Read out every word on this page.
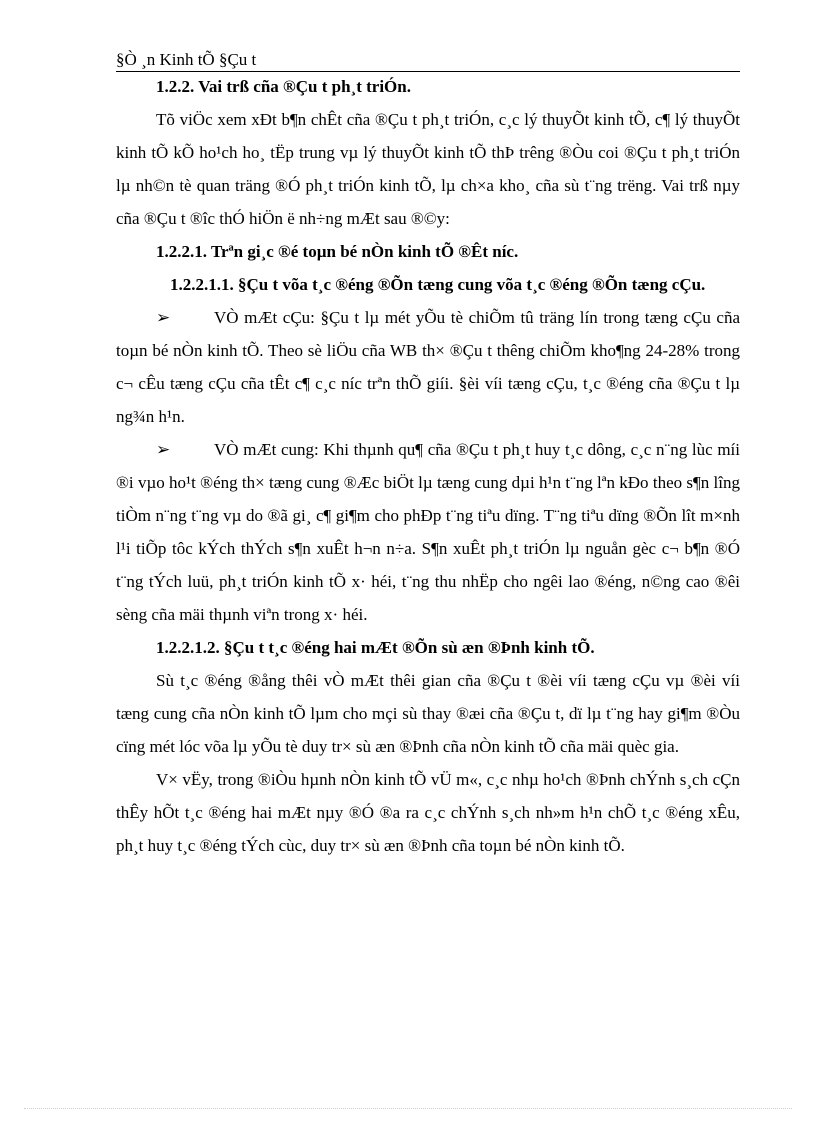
§Ò ¸n Kinh tÕ §Çu t
1.2.2. Vai trß cña ®Çu t ph¸t triÓn.

Tõ viÖc xem xÐt b¶n chÊt cña ®Çu t ph¸t triÓn, c¸c lý thuyÕt kinh tÕ, c¶ lý thuyÕt kinh tÕ kÕ ho¹ch ho¸ tËp trung vµ lý thuyÕt kinh tÕ thÞ trêng ®Òu coi ®Çu t ph¸t triÓn lµ nh©n tè quan träng ®Ó ph¸t triÓn kinh tÕ, lµ ch×a kho¸ cña sù t¨ng trëng. Vai trß nµy cña ®Çu t ®îc thÓ hiÖn ë nh÷ng mÆt sau ®©y:

1.2.2.1. Trªn gi¸c ®é toµn bé nÒn kinh tÕ ®Êt níc.

1.2.2.1.1. §Çu t võa t¸c ®éng ®Õn tæng cung võa t¸c ®éng ®Õn tæng cÇu.

➢	VÒ mÆt cÇu: §Çu t lµ mét yÕu tè chiÕm tû träng lín trong tæng cÇu cña toµn bé nÒn kinh tÕ. Theo sè liÖu cña WB th× ®Çu t thêng chiÕm kho¶ng 24-28% trong c¬ cÊu tæng cÇu cña tÊt c¶ c¸c níc trªn thÕ giíi. §èi víi tæng cÇu, t¸c ®éng cña ®Çu t lµ ng¾n h¹n.

➢	VÒ mÆt cung: Khi thµnh qu¶ cña ®Çu t ph¸t huy t¸c dông, c¸c n¨ng lùc míi ®i vµo ho¹t ®éng th× tæng cung ®Æc biÖt lµ tæng cung dµi h¹n t¨ng lªn kÐo theo s¶n lîng tiÒm n¨ng t¨ng vµ do ®ã gi¸ c¶ gi¶m cho phÐp t¨ng tiªu dïng. T¨ng tiªu dïng ®Õn lît m×nh l¹i tiÕp tôc kÝch thÝch s¶n xuÊt h¬n n÷a. S¶n xuÊt ph¸t triÓn lµ nguån gèc c¬ b¶n ®Ó t¨ng tÝch luü, ph¸t triÓn kinh tÕ x· héi, t¨ng thu nhËp cho ngêi lao ®éng, n©ng cao ®êi sèng cña mäi thµnh viªn trong x· héi.

1.2.2.1.2. §Çu t t¸c ®éng hai mÆt ®Õn sù æn ®Þnh kinh tÕ.

Sù t¸c ®éng ®ång thêi vÒ mÆt thêi gian cña ®Çu t ®èi víi tæng cÇu vµ ®èi víi tæng cung cña nÒn kinh tÕ lµm cho mçi sù thay ®æi cña ®Çu t, dï lµ t¨ng hay gi¶m ®Òu cïng mét lóc võa lµ yÕu tè duy tr× sù æn ®Þnh cña nÒn kinh tÕ cña mäi quèc gia.

V× vËy, trong ®iÒu hµnh nÒn kinh tÕ vÜ m«, c¸c nhµ ho¹ch ®Þnh chÝnh s¸ch cÇn thÊy hÕt t¸c ®éng hai mÆt nµy ®Ó ®a ra c¸c chÝnh s¸ch nh»m h¹n chÕ t¸c ®éng xÊu, ph¸t huy t¸c ®éng tÝch cùc, duy tr× sù æn ®Þnh cña toµn bé nÒn kinh tÕ.
